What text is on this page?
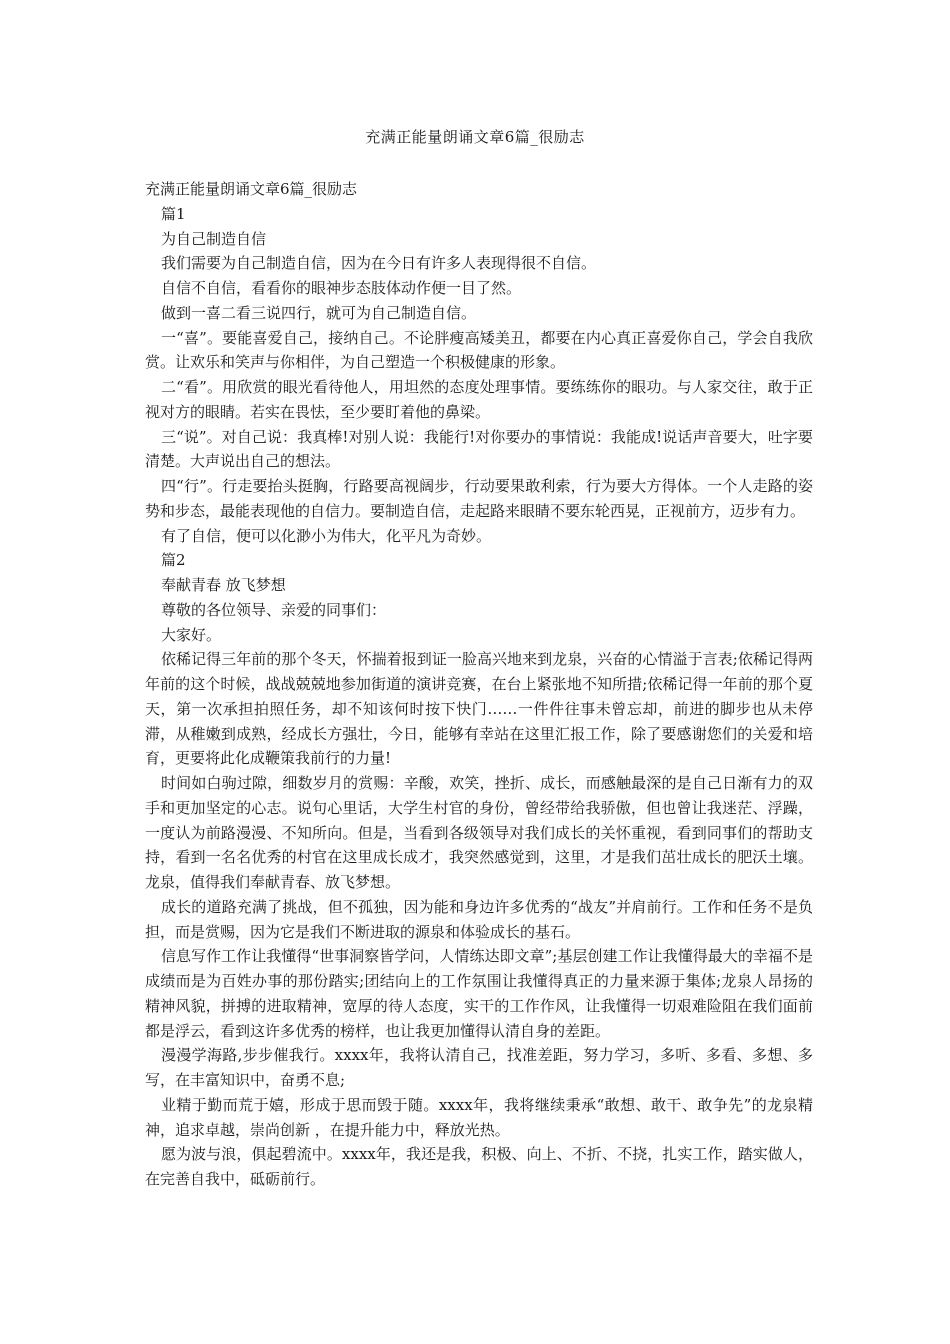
充满正能量朗诵文章6篇_很励志

充满正能量朗诵文章6篇_很励志

篇1

为自己制造自信

我们需要为自己制造自信，因为在今日有许多人表现得很不自信。

自信不自信，看看你的眼神步态肢体动作便一目了然。

做到一喜二看三说四行，就可为自己制造自信。

一“喜”。要能喜爱自己，接纳自己。不论胖瘦高矮美丑，都要在内心真正喜爱你自己，学会自我欣赏。让欢乐和笑声与你相伴，为自己塑造一个积极健康的形象。

二“看”。用欣赏的眼光看待他人，用坦然的态度处理事情。要练练你的眼功。与人家交往，敢于正视对方的眼睛。若实在畏怯，至少要盯着他的鼻梁。

三“说”。对自己说：我真棒!对别人说：我能行!对你要办的事情说：我能成!说话声音要大，吐字要清楚。大声说出自己的想法。

四“行”。行走要抬头挺胸，行路要高视阔步，行动要果敢利索，行为要大方得体。一个人走路的姿势和步态，最能表现他的自信力。要制造自信，走起路来眼睛不要东轮西晃，正视前方，迈步有力。

有了自信，便可以化渺小为伟大，化平凡为奇妙。

篇2

奉献青春 放飞梦想

尊敬的各位领导、亲爱的同事们：

大家好。

依稀记得三年前的那个冬天，怀揣着报到证一脸高兴地来到龙泉，兴奋的心情溢于言表;依稀记得两年前的这个时候，战战兢兢地参加街道的演讲竞赛，在台上紧张地不知所措;依稀记得一年前的那个夏天，第一次承担拍照任务，却不知该何时按下快门……一件件往事未曾忘却，前进的脚步也从未停滞，从稚嫩到成熟，经成长方强壮，今日，能够有幸站在这里汇报工作，除了要感谢您们的关爱和培育，更要将此化成鞭策我前行的力量!

时间如白驹过隙，细数岁月的赏赐：辛酸，欢笑，挫折、成长，而感触最深的是自己日渐有力的双手和更加坚定的心志。说句心里话，大学生村官的身份，曾经带给我骄傲，但也曾让我迷茫、浮躁，一度认为前路漫漫、不知所向。但是，当看到各级领导对我们成长的关怀重视，看到同事们的帮助支持，看到一名名优秀的村官在这里成长成才，我突然感觉到，这里，才是我们茁壮成长的肥沃土壤。龙泉，值得我们奉献青春、放飞梦想。

成长的道路充满了挑战，但不孤独，因为能和身边许多优秀的“战友”并肩前行。工作和任务不是负担，而是赏赐，因为它是我们不断进取的源泉和体验成长的基石。

信息写作工作让我懂得“世事洞察皆学问，人情练达即文章”;基层创建工作让我懂得最大的幸福不是成绩而是为百姓办事的那份踏实;团结向上的工作氛围让我懂得真正的力量来源于集体;龙泉人昂扬的精神风貌，拼搏的进取精神，宽厚的待人态度，实干的工作作风，让我懂得一切艰难险阻在我们面前都是浮云，看到这许多优秀的榜样，也让我更加懂得认清自身的差距。

漫漫学海路,步步催我行。xxxx年，我将认清自己，找准差距，努力学习，多听、多看、多想、多写，在丰富知识中，奋勇不息;

业精于勤而荒于嬉，形成于思而毁于随。xxxx年，我将继续秉承“敢想、敢干、敢争先”的龙泉精神，追求卓越，崇尚创新 ，在提升能力中，释放光热。

愿为波与浪，俱起碧流中。xxxx年，我还是我，积极、向上、不折、不挠，扎实工作，踏实做人，在完善自我中，砥砺前行。
